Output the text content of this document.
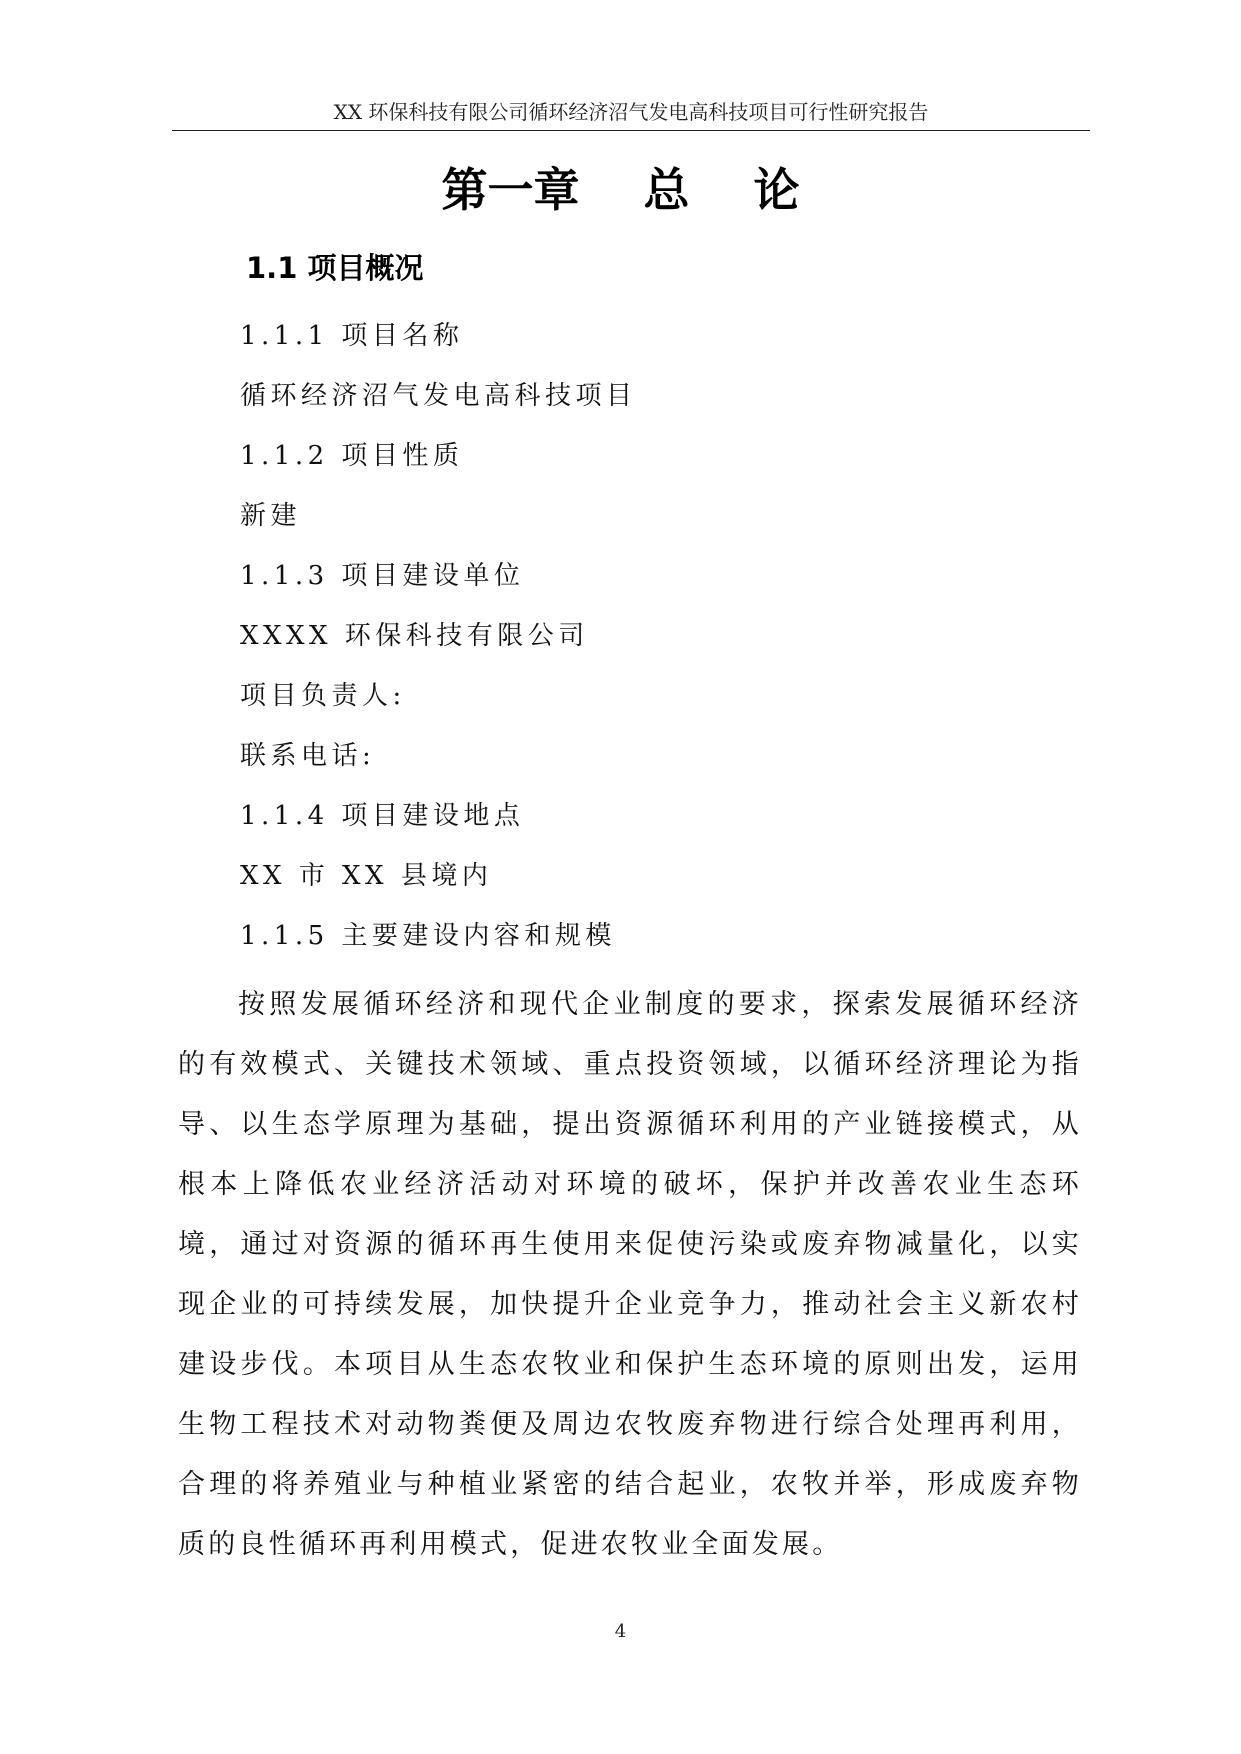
XX 环保科技有限公司循环经济沼气发电高科技项目可行性研究报告
第一章    总    论
1.1 项目概况
1.1.1 项目名称
循环经济沼气发电高科技项目
1.1.2 项目性质
新建
1.1.3 项目建设单位
XXXX 环保科技有限公司
项目负责人:
联系电话:
1.1.4 项目建设地点
XX 市 XX 县境内
1.1.5 主要建设内容和规模

按照发展循环经济和现代企业制度的要求，探索发展循环经济的有效模式、关键技术领域、重点投资领域，以循环经济理论为指导、以生态学原理为基础，提出资源循环利用的产业链接模式，从根本上降低农业经济活动对环境的破坏，保护并改善农业生态环境，通过对资源的循环再生使用来促使污染或废弃物减量化，以实现企业的可持续发展，加快提升企业竞争力，推动社会主义新农村建设步伐。本项目从生态农牧业和保护生态环境的原则出发，运用生物工程技术对动物粪便及周边农牧废弃物进行综合处理再利用，合理的将养殖业与种植业紧密的结合起业，农牧并举，形成废弃物质的良性循环再利用模式，促进农牧业全面发展。

4
